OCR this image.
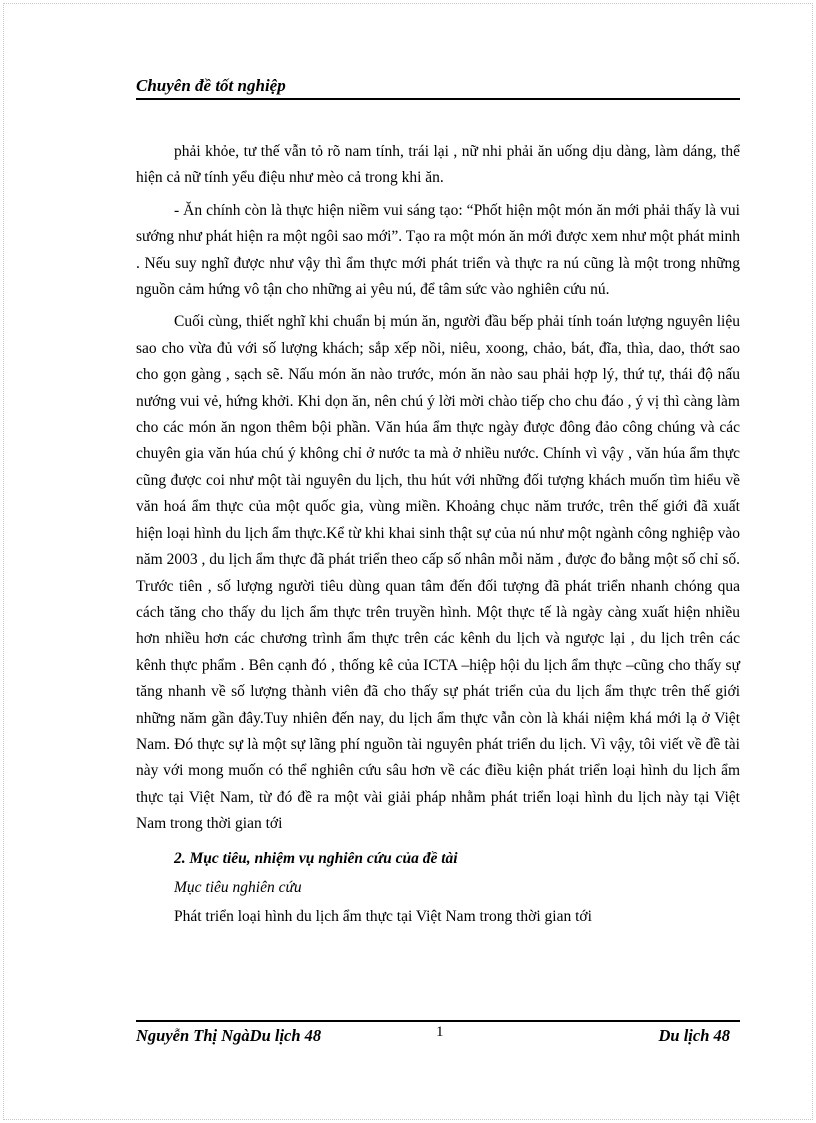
Chuyên đề tốt nghiệp

phải khỏe, tư thế vẫn tỏ rõ nam tính, trái lại , nữ nhi phải ăn uống dịu dàng, làm dáng, thể hiện cả nữ tính yểu điệu như mèo cả trong khi ăn.

- Ăn chính còn là thực hiện niềm vui sáng tạo: “Phốt hiện một món ăn mới phải thấy là vui sướng như phát hiện ra một ngôi sao mới”. Tạo ra một món ăn mới được xem như một phát minh . Nếu suy nghĩ được như vậy thì ẩm thực mới phát triển và thực ra nú cũng là một trong những nguồn cảm hứng vô tận cho những ai yêu nú, để tâm sức vào nghiên cứu nú.

Cuối cùng, thiết nghĩ khi chuẩn bị mún ăn, người đầu bếp phải tính toán lượng nguyên liệu sao cho vừa đủ với số lượng khách; sắp xếp nồi, niêu, xoong, chảo, bát, đĩa, thìa, dao, thớt sao cho gọn gàng , sạch sẽ. Nấu món ăn nào trước, món ăn nào sau phải hợp lý, thứ tự, thái độ nấu nướng vui vẻ, hứng khởi. Khi dọn ăn, nên chú ý lời mời chào tiếp cho chu đáo , ý vị thì càng làm cho các món ăn ngon thêm bội phần. Văn húa ẩm thực ngày được đông đảo công chúng và các chuyên gia văn húa chú ý không chỉ ở nước ta mà ở nhiều nước. Chính vì vậy , văn húa ẩm thực cũng được coi như một tài nguyên du lịch, thu hút với những đối tượng khách muốn tìm hiểu về văn hoá ẩm thực của một quốc gia, vùng miền. Khoảng chục năm trước, trên thế giới đã xuất hiện loại hình du lịch ẩm thực.Kể từ khi khai sinh thật sự của nú như một ngành công nghiệp vào năm 2003 , du lịch ẩm thực đã phát triển theo cấp số nhân mỗi năm , được đo bằng một số chỉ số. Trước tiên , số lượng người tiêu dùng quan tâm đến đối tượng đã phát triển nhanh chóng qua cách tăng cho thấy du lịch ẩm thực trên truyền hình. Một thực tế là ngày càng xuất hiện nhiều hơn nhiều hơn các chương trình ẩm thực trên các kênh du lịch và ngược lại , du lịch trên các kênh thực phẩm . Bên cạnh đó , thống kê của ICTA –hiệp hội du lịch ẩm thực –cũng cho thấy sự tăng nhanh về số lượng thành viên đã cho thấy sự phát triển của du lịch ẩm thực trên thế giới những năm gần đây.Tuy nhiên đến nay, du lịch ẩm thực vẫn còn là khái niệm khá mới lạ ở Việt Nam. Đó thực sự là một sự lãng phí nguồn tài nguyên phát triển du lịch. Vì vậy, tôi viết về đề tài này với mong muốn có thể nghiên cứu sâu hơn về các điều kiện phát triển loại hình du lịch ẩm thực tại Việt Nam, từ đó đề ra một vài giải pháp nhằm phát triển loại hình du lịch này tại Việt Nam trong thời gian tới

2. Mục tiêu, nhiệm vụ nghiên cứu của đề tài
Mục tiêu nghiên cứu
Phát triển loại hình du lịch ẩm thực tại Việt Nam trong thời gian tới
Nguyễn Thị NgàDu lịch 48	1	Du lịch 48
